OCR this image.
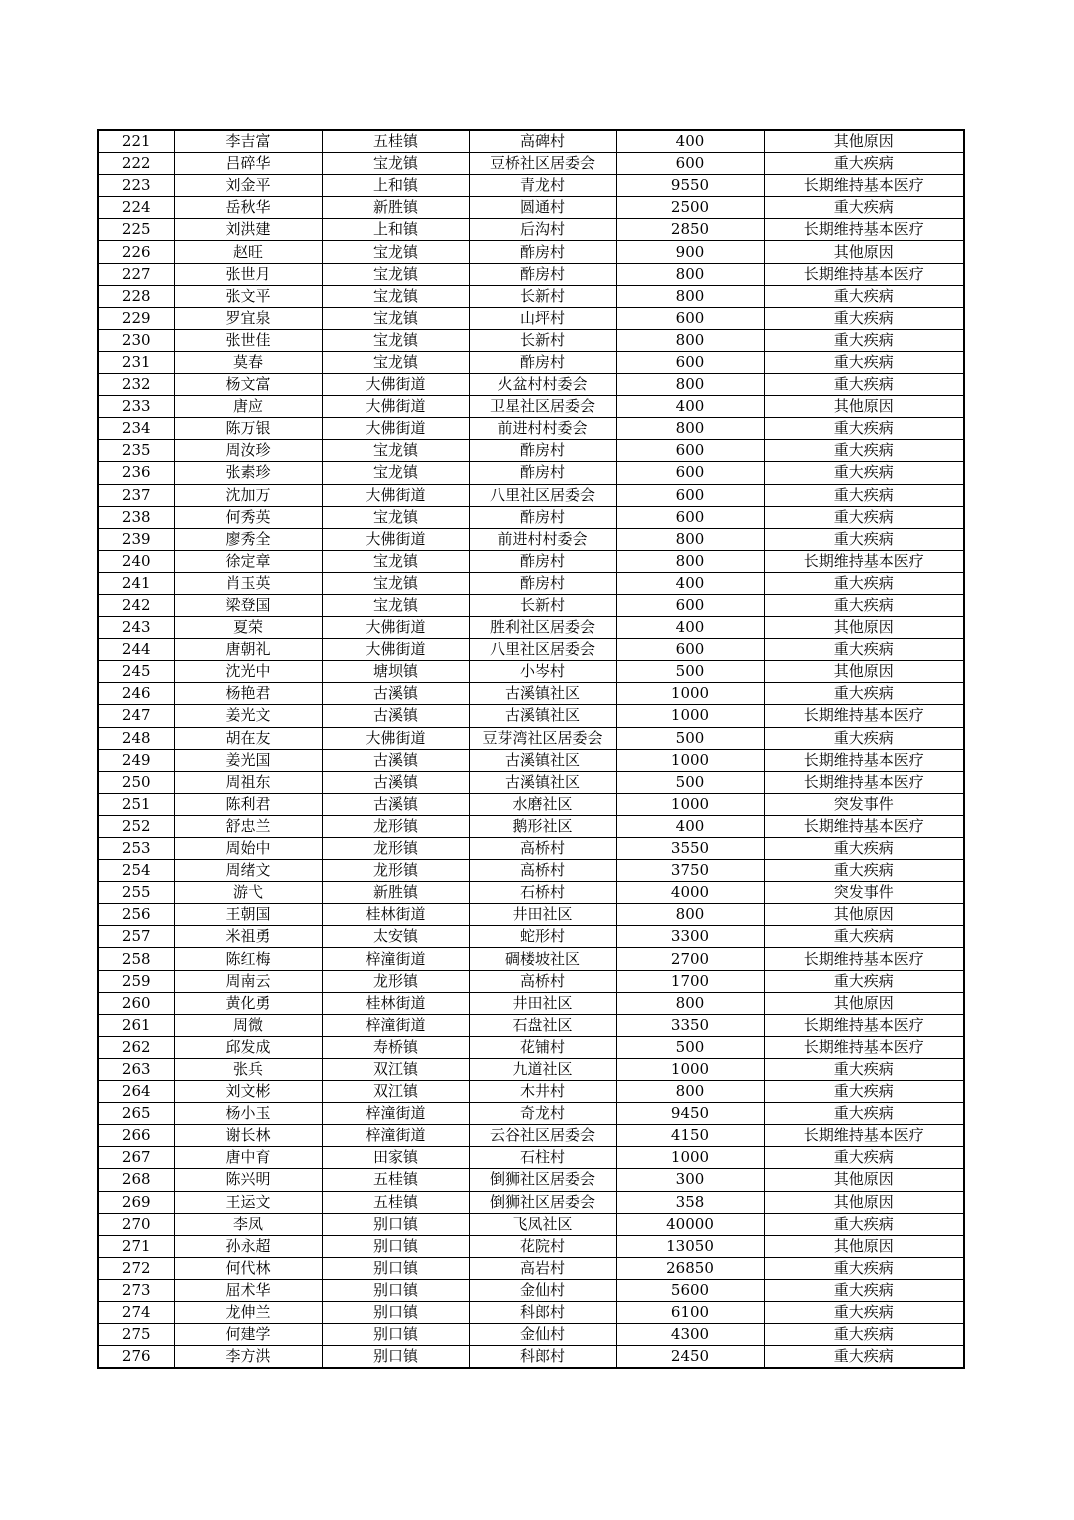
221	李吉富	五桂镇	高碑村	400	其他原因
222	吕碎华	宝龙镇	豆桥社区居委会	600	重大疾病
223	刘金平	上和镇	青龙村	9550	长期维持基本医疗
224	岳秋华	新胜镇	圆通村	2500	重大疾病
225	刘洪建	上和镇	后沟村	2850	长期维持基本医疗
226	赵旺	宝龙镇	酢房村	900	其他原因
227	张世月	宝龙镇	酢房村	800	长期维持基本医疗
228	张文平	宝龙镇	长新村	800	重大疾病
229	罗宜泉	宝龙镇	山坪村	600	重大疾病
230	张世佳	宝龙镇	长新村	800	重大疾病
231	莫春	宝龙镇	酢房村	600	重大疾病
232	杨文富	大佛街道	火盆村村委会	800	重大疾病
233	唐应	大佛街道	卫星社区居委会	400	其他原因
234	陈万银	大佛街道	前进村村委会	800	重大疾病
235	周汝珍	宝龙镇	酢房村	600	重大疾病
236	张素珍	宝龙镇	酢房村	600	重大疾病
237	沈加万	大佛街道	八里社区居委会	600	重大疾病
238	何秀英	宝龙镇	酢房村	600	重大疾病
239	廖秀全	大佛街道	前进村村委会	800	重大疾病
240	徐定章	宝龙镇	酢房村	800	长期维持基本医疗
241	肖玉英	宝龙镇	酢房村	400	重大疾病
242	梁登国	宝龙镇	长新村	600	重大疾病
243	夏荣	大佛街道	胜利社区居委会	400	其他原因
244	唐朝礼	大佛街道	八里社区居委会	600	重大疾病
245	沈光中	塘坝镇	小岑村	500	其他原因
246	杨艳君	古溪镇	古溪镇社区	1000	重大疾病
247	姜光文	古溪镇	古溪镇社区	1000	长期维持基本医疗
248	胡在友	大佛街道	豆芽湾社区居委会	500	重大疾病
249	姜光国	古溪镇	古溪镇社区	1000	长期维持基本医疗
250	周祖东	古溪镇	古溪镇社区	500	长期维持基本医疗
251	陈利君	古溪镇	水磨社区	1000	突发事件
252	舒忠兰	龙形镇	鹅形社区	400	长期维持基本医疗
253	周始中	龙形镇	高桥村	3550	重大疾病
254	周绪文	龙形镇	高桥村	3750	重大疾病
255	游弋	新胜镇	石桥村	4000	突发事件
256	王朝国	桂林街道	井田社区	800	其他原因
257	米祖勇	太安镇	蛇形村	3300	重大疾病
258	陈红梅	梓潼街道	碉楼坡社区	2700	长期维持基本医疗
259	周南云	龙形镇	高桥村	1700	重大疾病
260	黄化勇	桂林街道	井田社区	800	其他原因
261	周微	梓潼街道	石盘社区	3350	长期维持基本医疗
262	邱发成	寿桥镇	花铺村	500	长期维持基本医疗
263	张兵	双江镇	九道社区	1000	重大疾病
264	刘文彬	双江镇	木井村	800	重大疾病
265	杨小玉	梓潼街道	奇龙村	9450	重大疾病
266	谢长林	梓潼街道	云谷社区居委会	4150	长期维持基本医疗
267	唐中育	田家镇	石柱村	1000	重大疾病
268	陈兴明	五桂镇	倒狮社区居委会	300	其他原因
269	王运文	五桂镇	倒狮社区居委会	358	其他原因
270	李凤	别口镇	飞凤社区	40000	重大疾病
271	孙永超	别口镇	花院村	13050	其他原因
272	何代林	别口镇	高岩村	26850	重大疾病
273	屈术华	别口镇	金仙村	5600	重大疾病
274	龙伸兰	别口镇	科郎村	6100	重大疾病
275	何建学	别口镇	金仙村	4300	重大疾病
276	李方洪	别口镇	科郎村	2450	重大疾病
